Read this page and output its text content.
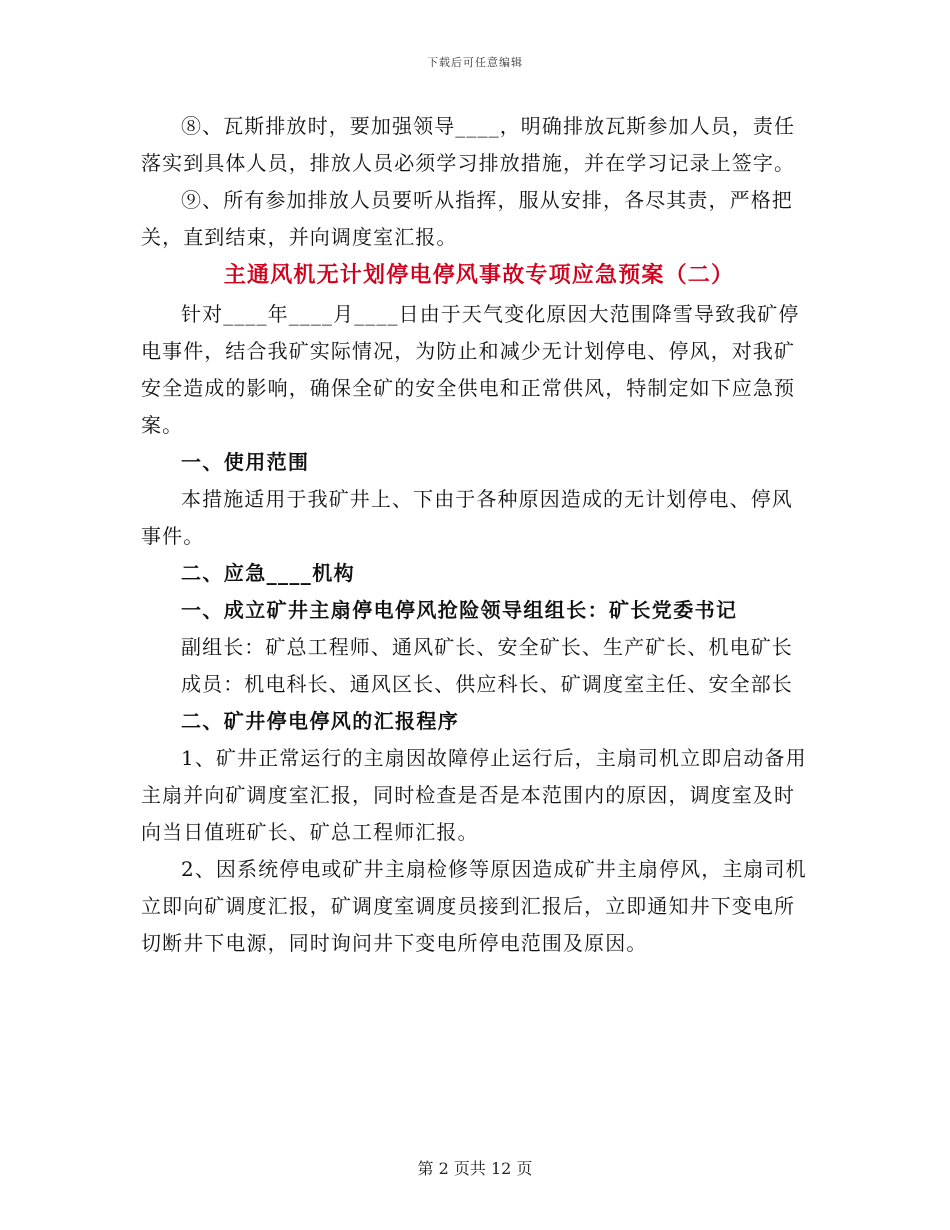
下载后可任意编辑

⑧、瓦斯排放时，要加强领导____，明确排放瓦斯参加人员，责任落实到具体人员，排放人员必须学习排放措施，并在学习记录上签字。

⑨、所有参加排放人员要听从指挥，服从安排，各尽其责，严格把关，直到结束，并向调度室汇报。

主通风机无计划停电停风事故专项应急预案（二）

针对____年____月____日由于天气变化原因大范围降雪导致我矿停电事件，结合我矿实际情况，为防止和减少无计划停电、停风，对我矿安全造成的影响，确保全矿的安全供电和正常供风，特制定如下应急预案。

一、使用范围

本措施适用于我矿井上、下由于各种原因造成的无计划停电、停风事件。

二、应急____机构

一、成立矿井主扇停电停风抢险领导组组长：矿长党委书记

副组长：矿总工程师、通风矿长、安全矿长、生产矿长、机电矿长

成员：机电科长、通风区长、供应科长、矿调度室主任、安全部长

二、矿井停电停风的汇报程序

1、矿井正常运行的主扇因故障停止运行后，主扇司机立即启动备用主扇并向矿调度室汇报，同时检查是否是本范围内的原因，调度室及时向当日值班矿长、矿总工程师汇报。

2、因系统停电或矿井主扇检修等原因造成矿井主扇停风，主扇司机立即向矿调度汇报，矿调度室调度员接到汇报后，立即通知井下变电所切断井下电源，同时询问井下变电所停电范围及原因。

第 2 页共 12 页
